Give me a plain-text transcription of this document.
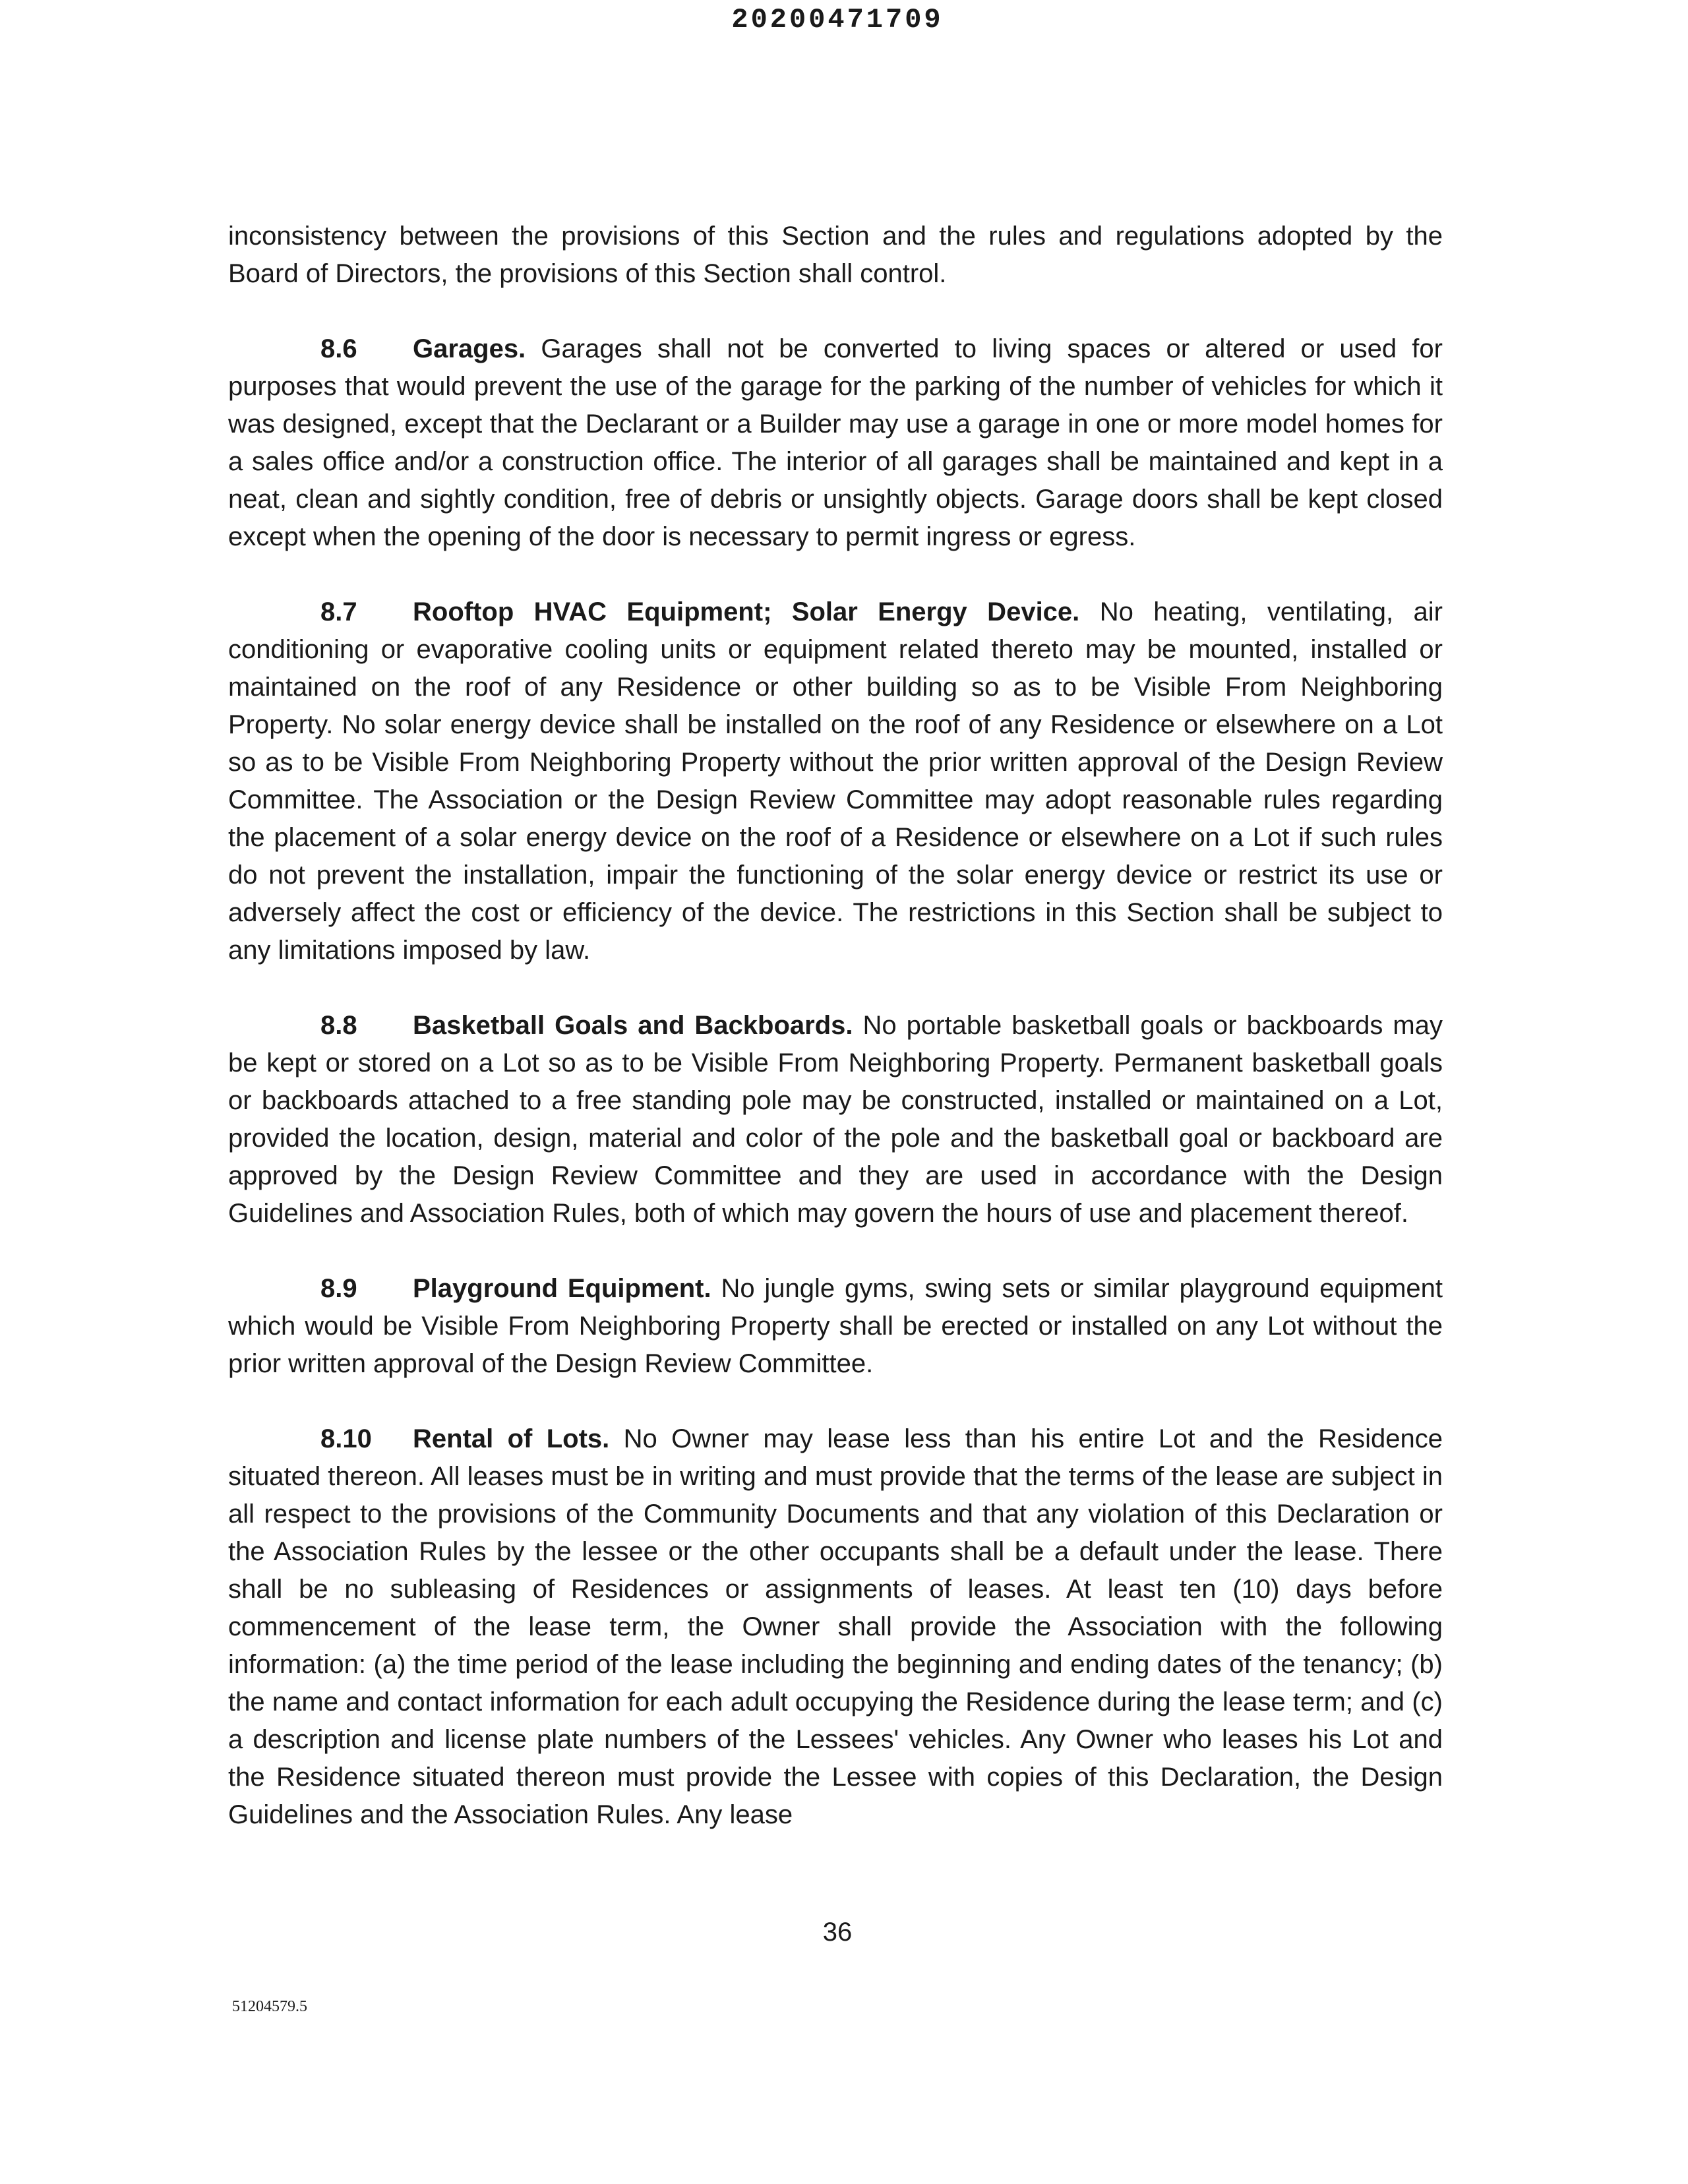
20200471709

inconsistency between the provisions of this Section and the rules and regulations adopted by the Board of Directors, the provisions of this Section shall control.

8.6 Garages. Garages shall not be converted to living spaces or altered or used for purposes that would prevent the use of the garage for the parking of the number of vehicles for which it was designed, except that the Declarant or a Builder may use a garage in one or more model homes for a sales office and/or a construction office. The interior of all garages shall be maintained and kept in a neat, clean and sightly condition, free of debris or unsightly objects. Garage doors shall be kept closed except when the opening of the door is necessary to permit ingress or egress.

8.7 Rooftop HVAC Equipment; Solar Energy Device. No heating, ventilating, air conditioning or evaporative cooling units or equipment related thereto may be mounted, installed or maintained on the roof of any Residence or other building so as to be Visible From Neighboring Property. No solar energy device shall be installed on the roof of any Residence or elsewhere on a Lot so as to be Visible From Neighboring Property without the prior written approval of the Design Review Committee. The Association or the Design Review Committee may adopt reasonable rules regarding the placement of a solar energy device on the roof of a Residence or elsewhere on a Lot if such rules do not prevent the installation, impair the functioning of the solar energy device or restrict its use or adversely affect the cost or efficiency of the device. The restrictions in this Section shall be subject to any limitations imposed by law.

8.8 Basketball Goals and Backboards. No portable basketball goals or backboards may be kept or stored on a Lot so as to be Visible From Neighboring Property. Permanent basketball goals or backboards attached to a free standing pole may be constructed, installed or maintained on a Lot, provided the location, design, material and color of the pole and the basketball goal or backboard are approved by the Design Review Committee and they are used in accordance with the Design Guidelines and Association Rules, both of which may govern the hours of use and placement thereof.

8.9 Playground Equipment. No jungle gyms, swing sets or similar playground equipment which would be Visible From Neighboring Property shall be erected or installed on any Lot without the prior written approval of the Design Review Committee.

8.10 Rental of Lots. No Owner may lease less than his entire Lot and the Residence situated thereon. All leases must be in writing and must provide that the terms of the lease are subject in all respect to the provisions of the Community Documents and that any violation of this Declaration or the Association Rules by the lessee or the other occupants shall be a default under the lease. There shall be no subleasing of Residences or assignments of leases. At least ten (10) days before commencement of the lease term, the Owner shall provide the Association with the following information: (a) the time period of the lease including the beginning and ending dates of the tenancy; (b) the name and contact information for each adult occupying the Residence during the lease term; and (c) a description and license plate numbers of the Lessees' vehicles. Any Owner who leases his Lot and the Residence situated thereon must provide the Lessee with copies of this Declaration, the Design Guidelines and the Association Rules. Any lease

36
51204579.5
